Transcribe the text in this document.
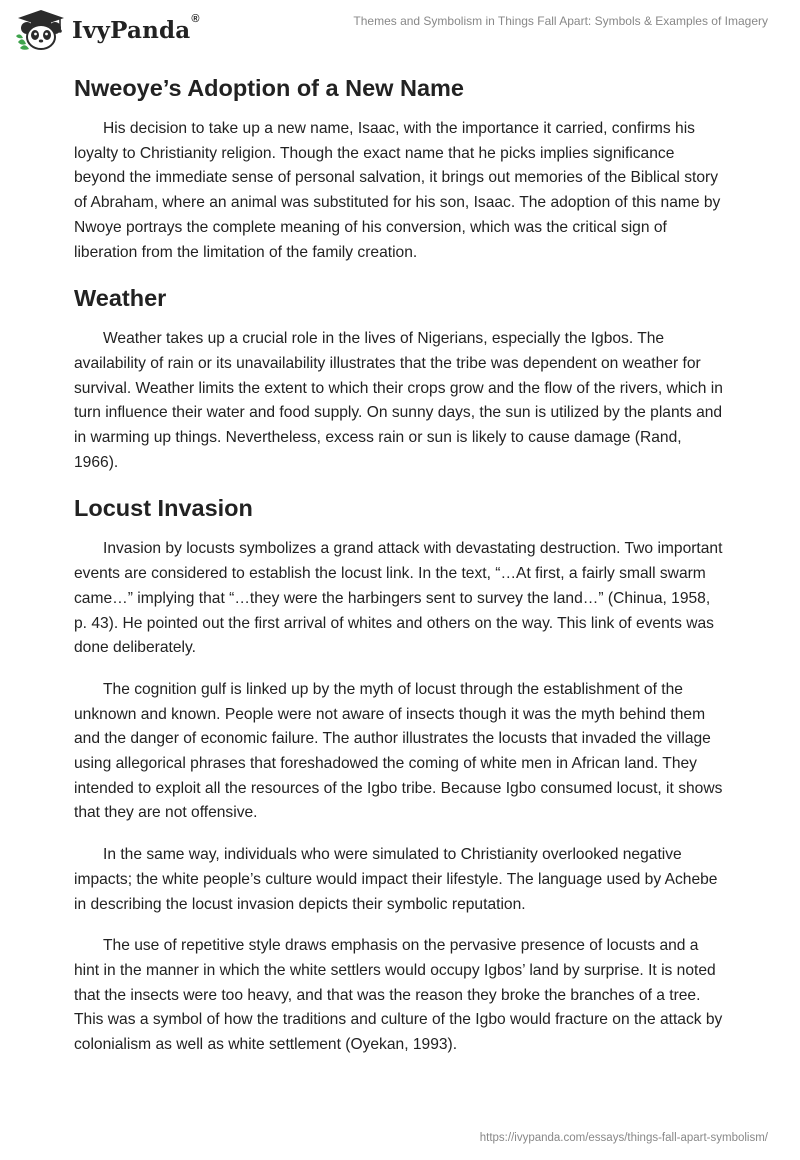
IvyPanda®	Themes and Symbolism in Things Fall Apart: Symbols & Examples of Imagery
Nweoye’s Adoption of a New Name

His decision to take up a new name, Isaac, with the importance it carried, confirms his loyalty to Christianity religion. Though the exact name that he picks implies significance beyond the immediate sense of personal salvation, it brings out memories of the Biblical story of Abraham, where an animal was substituted for his son, Isaac. The adoption of this name by Nwoye portrays the complete meaning of his conversion, which was the critical sign of liberation from the limitation of the family creation.

Weather

Weather takes up a crucial role in the lives of Nigerians, especially the Igbos. The availability of rain or its unavailability illustrates that the tribe was dependent on weather for survival. Weather limits the extent to which their crops grow and the flow of the rivers, which in turn influence their water and food supply. On sunny days, the sun is utilized by the plants and in warming up things. Nevertheless, excess rain or sun is likely to cause damage (Rand, 1966).

Locust Invasion

Invasion by locusts symbolizes a grand attack with devastating destruction. Two important events are considered to establish the locust link. In the text, “…At first, a fairly small swarm came…” implying that “…they were the harbingers sent to survey the land…” (Chinua, 1958, p. 43). He pointed out the first arrival of whites and others on the way. This link of events was done deliberately.

The cognition gulf is linked up by the myth of locust through the establishment of the unknown and known. People were not aware of insects though it was the myth behind them and the danger of economic failure. The author illustrates the locusts that invaded the village using allegorical phrases that foreshadowed the coming of white men in African land. They intended to exploit all the resources of the Igbo tribe. Because Igbo consumed locust, it shows that they are not offensive.

In the same way, individuals who were simulated to Christianity overlooked negative impacts; the white people’s culture would impact their lifestyle. The language used by Achebe in describing the locust invasion depicts their symbolic reputation.

The use of repetitive style draws emphasis on the pervasive presence of locusts and a hint in the manner in which the white settlers would occupy Igbos’ land by surprise. It is noted that the insects were too heavy, and that was the reason they broke the branches of a tree. This was a symbol of how the traditions and culture of the Igbo would fracture on the attack by colonialism as well as white settlement (Oyekan, 1993).

https://ivypanda.com/essays/things-fall-apart-symbolism/
